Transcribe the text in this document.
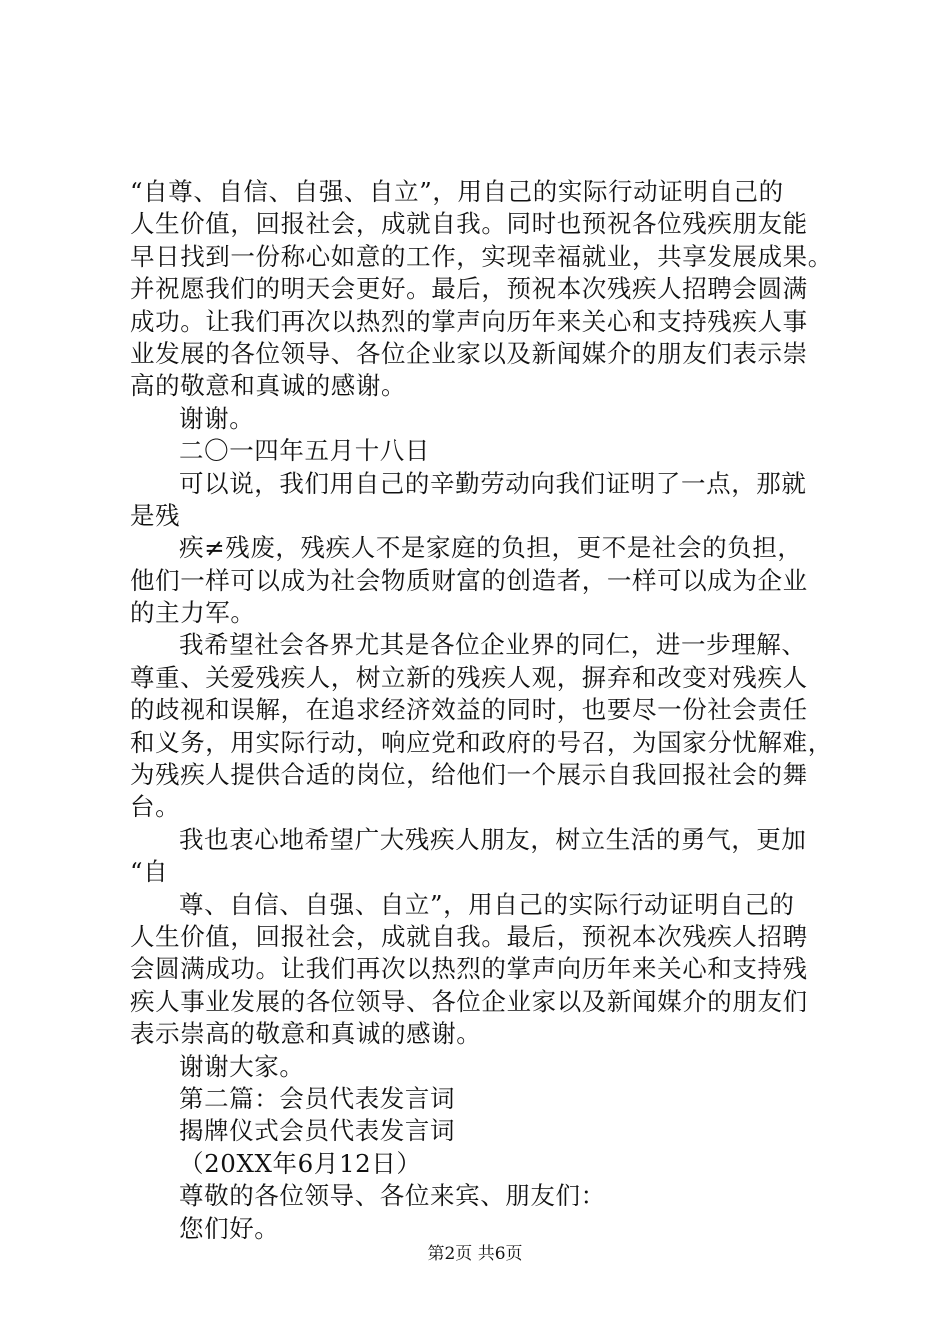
“自尊、自信、自强、自立”，用自己的实际行动证明自己的
人生价值，回报社会，成就自我。同时也预祝各位残疾朋友能
早日找到一份称心如意的工作，实现幸福就业，共享发展成果。
并祝愿我们的明天会更好。最后，预祝本次残疾人招聘会圆满
成功。让我们再次以热烈的掌声向历年来关心和支持残疾人事
业发展的各位领导、各位企业家以及新闻媒介的朋友们表示崇
高的敬意和真诚的感谢。
谢谢。
二〇一四年五月十八日
可以说，我们用自己的辛勤劳动向我们证明了一点，那就
是残
疾≠残废，残疾人不是家庭的负担，更不是社会的负担，
他们一样可以成为社会物质财富的创造者，一样可以成为企业
的主力军。
我希望社会各界尤其是各位企业界的同仁，进一步理解、
尊重、关爱残疾人，树立新的残疾人观，摒弃和改变对残疾人
的歧视和误解，在追求经济效益的同时，也要尽一份社会责任
和义务，用实际行动，响应党和政府的号召，为国家分忧解难，
为残疾人提供合适的岗位，给他们一个展示自我回报社会的舞
台。
我也衷心地希望广大残疾人朋友，树立生活的勇气，更加
“自
尊、自信、自强、自立”，用自己的实际行动证明自己的
人生价值，回报社会，成就自我。最后，预祝本次残疾人招聘
会圆满成功。让我们再次以热烈的掌声向历年来关心和支持残
疾人事业发展的各位领导、各位企业家以及新闻媒介的朋友们
表示崇高的敬意和真诚的感谢。
谢谢大家。
第二篇：会员代表发言词
揭牌仪式会员代表发言词
（20XX年6月12日）
尊敬的各位领导、各位来宾、朋友们：
您们好。
第2页 共6页
